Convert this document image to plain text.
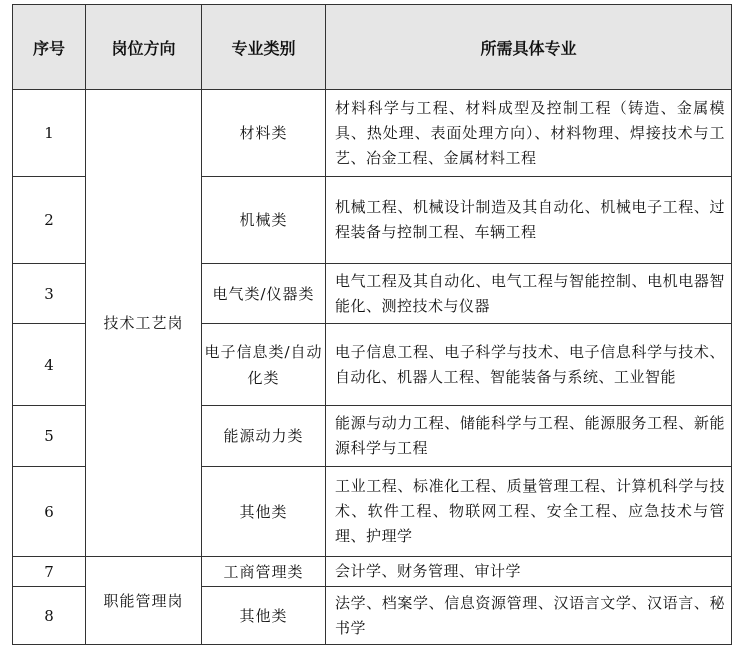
序号	岗位方向	专业类别	所需具体专业
1	技术工艺岗	材料类	材料科学与工程、材料成型及控制工程（铸造、金属模具、热处理、表面处理方向）、材料物理、焊接技术与工艺、冶金工程、金属材料工程
2		机械类	机械工程、机械设计制造及其自动化、机械电子工程、过程装备与控制工程、车辆工程
3		电气类/仪器类	电气工程及其自动化、电气工程与智能控制、电机电器智能化、测控技术与仪器
4		电子信息类/自动化类	电子信息工程、电子科学与技术、电子信息科学与技术、自动化、机器人工程、智能装备与系统、工业智能
5		能源动力类	能源与动力工程、储能科学与工程、能源服务工程、新能源科学与工程
6		其他类	工业工程、标准化工程、质量管理工程、计算机科学与技术、软件工程、物联网工程、安全工程、应急技术与管理、护理学
7	职能管理岗	工商管理类	会计学、财务管理、审计学
8		其他类	法学、档案学、信息资源管理、汉语言文学、汉语言、秘书学
